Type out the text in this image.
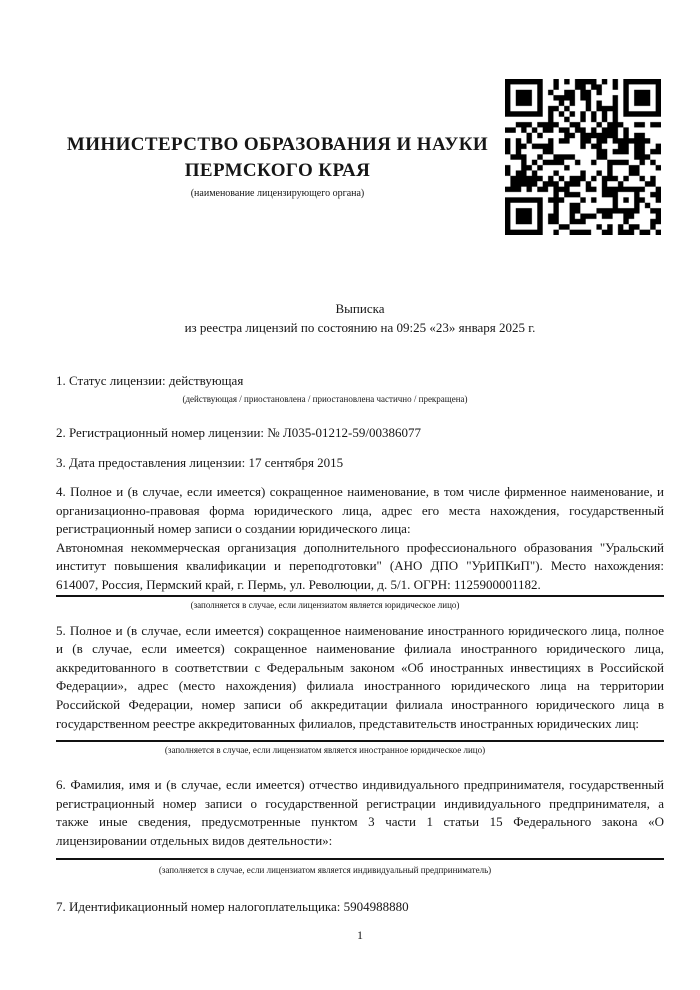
МИНИСТЕРСТВО ОБРАЗОВАНИЯ И НАУКИ
ПЕРМСКОГО КРАЯ
(наименование лицензирующего органа)
Выписка
из реестра лицензий по состоянию на 09:25 «23» января 2025 г.
1. Статус лицензии: действующая
(действующая / приостановлена / приостановлена частично / прекращена)
2. Регистрационный номер лицензии: № Л035-01212-59/00386077
3. Дата предоставления лицензии: 17 сентября 2015
4. Полное и (в случае, если имеется) сокращенное наименование, в том числе фирменное наименование, и
организационно-правовая форма юридического лица, адрес его места нахождения, государственный
регистрационный номер записи о создании юридического лица:
Автономная некоммерческая организация дополнительного профессионального образования "Уральский
институт повышения квалификации и переподготовки" (АНО ДПО "УрИПКиП"). Место нахождения:
614007, Россия, Пермский край, г. Пермь, ул. Революции, д. 5/1. ОГРН: 1125900001182.
(заполняется в случае, если лицензиатом является юридическое лицо)
5. Полное и (в случае, если имеется) сокращенное наименование иностранного юридического лица, полное
и (в случае, если имеется) сокращенное наименование филиала иностранного юридического лица,
аккредитованного в соответствии с Федеральным законом «Об иностранных инвестициях в Российской
Федерации», адрес (место нахождения) филиала иностранного юридического лица на территории
Российской Федерации, номер записи об аккредитации филиала иностранного юридического лица в
государственном реестре аккредитованных филиалов, представительств иностранных юридических лиц:
(заполняется в случае, если лицензиатом является иностранное юридическое лицо)
6. Фамилия, имя и (в случае, если имеется) отчество индивидуального предпринимателя, государственный
регистрационный номер записи о государственной регистрации индивидуального предпринимателя, а
также иные сведения, предусмотренные пунктом 3 части 1 статьи 15 Федерального закона «О
лицензировании отдельных видов деятельности»:
(заполняется в случае, если лицензиатом является индивидуальный предприниматель)
7. Идентификационный номер налогоплательщика: 5904988880
1
